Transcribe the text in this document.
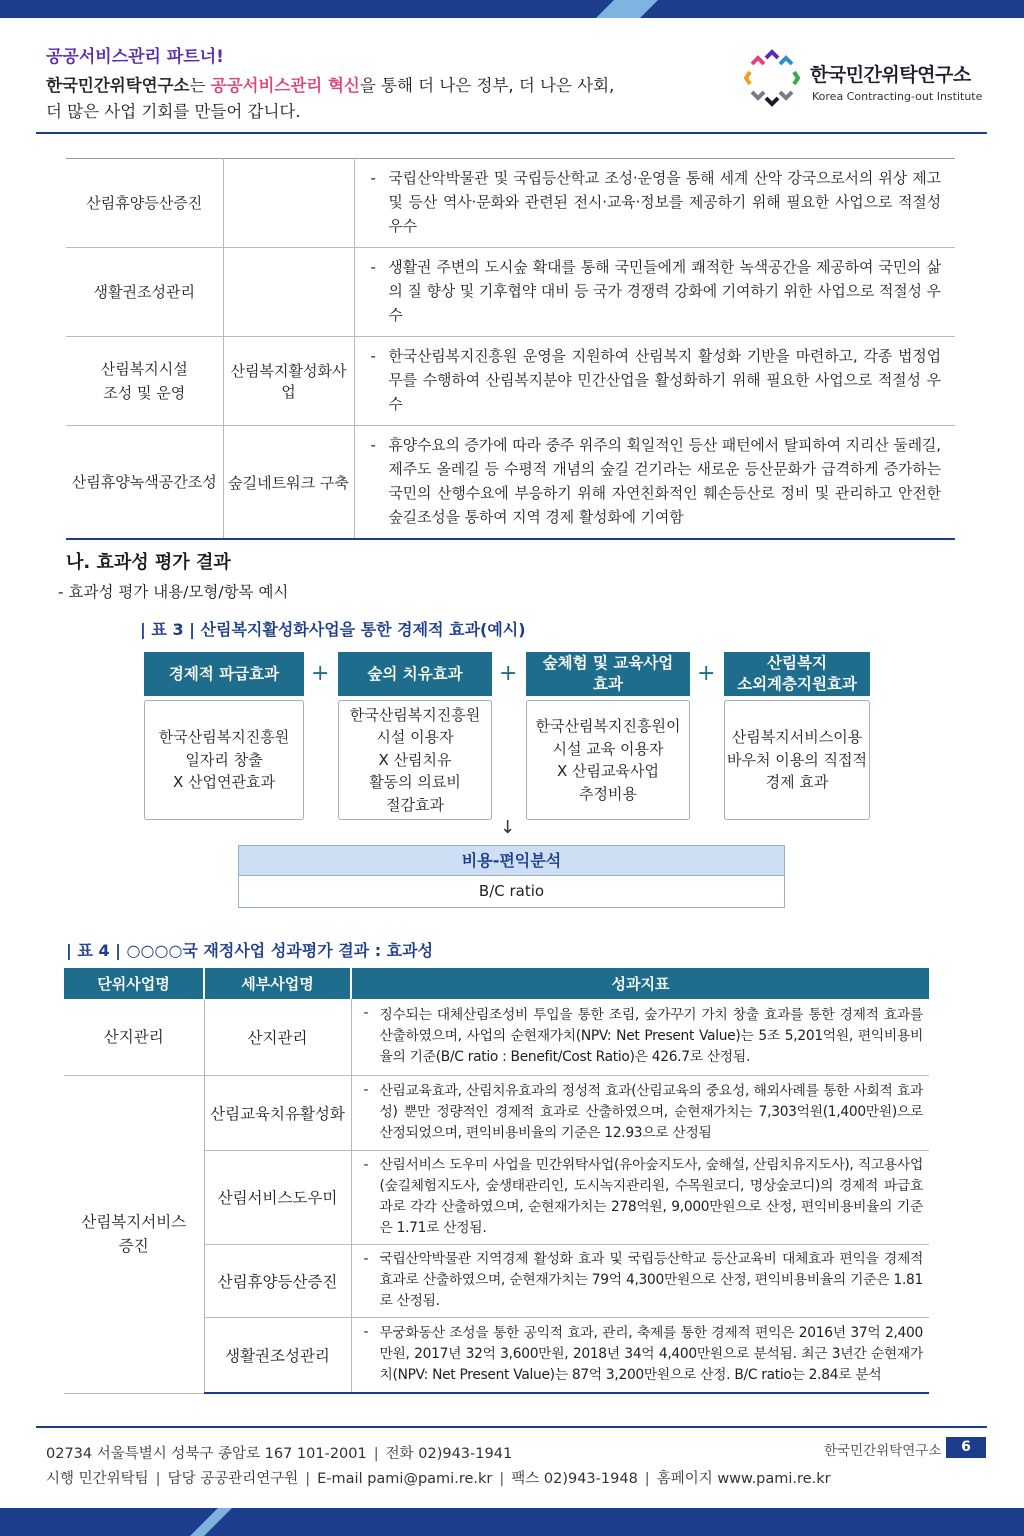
공공서비스관리 파트너!
한국민간위탁연구소는 공공서비스관리 혁신을 통해 더 나은 정부, 더 나은 사회,
더 많은 사업 기회를 만들어 갑니다.
한국민간위탁연구소
Korea Contracting-out Institute
산림휴양등산증진		- 국립산악박물관 및 국립등산학교 조성·운영을 통해 세계 산악 강국으로서의 위상 제고 및 등산 역사·문화와 관련된 전시·교육·정보를 제공하기 위해 필요한 사업으로 적절성 우수
생활권조성관리		- 생활권 주변의 도시숲 확대를 통해 국민들에게 쾌적한 녹색공간을 제공하여 국민의 삶의 질 향상 및 기후협약 대비 등 국가 경쟁력 강화에 기여하기 위한 사업으로 적절성 우수
산림복지시설
조성 및 운영	산림복지활성화사업	- 한국산림복지진흥원 운영을 지원하여 산림복지 활성화 기반을 마련하고, 각종 법정업무를 수행하여 산림복지분야 민간산업을 활성화하기 위해 필요한 사업으로 적절성 우수
산림휴양녹색공간조성	숲길네트워크 구축	- 휴양수요의 증가에 따라 중주 위주의 획일적인 등산 패턴에서 탈피하여 지리산 둘레길, 제주도 올레길 등 수평적 개념의 숲길 걷기라는 새로운 등산문화가 급격하게 증가하는 국민의 산행수요에 부응하기 위해 자연친화적인 훼손등산로 정비 및 관리하고 안전한 숲길조성을 통하여 지역 경제 활성화에 기여함
나. 효과성 평가 결과
- 효과성 평가 내용/모형/항목 예시
| 표 3 | 산림복지활성화사업을 통한 경제적 효과(예시)
경제적 파급효과
한국산림복지진흥원
일자리 창출
X 산업연관효과
+	숲의 치유효과
한국산림복지진흥원
시설 이용자
X 산림치유
활동의 의료비
절감효과
+ 숲체험 및 교육사업
효과
한국산림복지진흥원이
시설 교육 이용자
X 산림교육사업
추정비용
+	산림복지
소외계층지원효과
산림복지서비스이용
바우처 이용의 직접적
경제 효과
↓
비용-편익분석
B/C ratio
| 표 4 | ○○○○국 재정사업 성과평가 결과 : 효과성
단위사업명	세부사업명	성과지표
산지관리	산지관리	- 징수되는 대체산림조성비 투입을 통한 조림, 숲가꾸기 가치 창출 효과를 통한 경제적 효과를 산출하였으며, 사업의 순현재가치(NPV: Net Present Value)는 5조 5,201억원, 편익비용비율의 기준(B/C ratio : Benefit/Cost Ratio)은 426.7로 산정됨.
산림복지서비스
증진	산림교육치유활성화	- 산림교육효과, 산림치유효과의 정성적 효과(산림교육의 중요성, 해외사례를 통한 사회적 효과성) 뿐만 정량적인 경제적 효과로 산출하였으며, 순현재가치는 7,303억원(1,400만원)으로 산정되었으며, 편익비용비율의 기준은 12.93으로 산정됨
	산림서비스도우미	- 산림서비스 도우미 사업을 민간위탁사업(유아숲지도사, 숲해설, 산림치유지도사), 직고용사업(숲길체험지도사, 숲생태관리인, 도시녹지관리원, 수목원코디, 명상숲코디)의 경제적 파급효과로 각각 산출하였으며, 순현재가치는 278억원, 9,000만원으로 산정, 편익비용비율의 기준은 1.71로 산정됨.
	산림휴양등산증진	- 국립산악박물관 지역경제 활성화 효과 및 국립등산학교 등산교육비 대체효과 편익을 경제적 효과로 산출하였으며, 순현재가치는 79억 4,300만원으로 산정, 편익비용비율의 기준은 1.81로 산정됨.
	생활권조성관리	- 무궁화동산 조성을 통한 공익적 효과, 관리, 축제를 통한 경제적 편익은 2016년 37억 2,400만원, 2017년 32억 3,600만원, 2018년 34억 4,400만원으로 분석됨. 최근 3년간 순현재가치(NPV: Net Present Value)는 87억 3,200만원으로 산정. B/C ratio는 2.84로 분석
02734 서울특별시 성북구 종암로 167 101-2001 | 전화 02)943-1941
시행 민간위탁팀 | 담당 공공관리연구원 | E-mail pami@pami.re.kr | 팩스 02)943-1948 | 홈페이지 www.pami.re.kr
한국민간위탁연구소	6
